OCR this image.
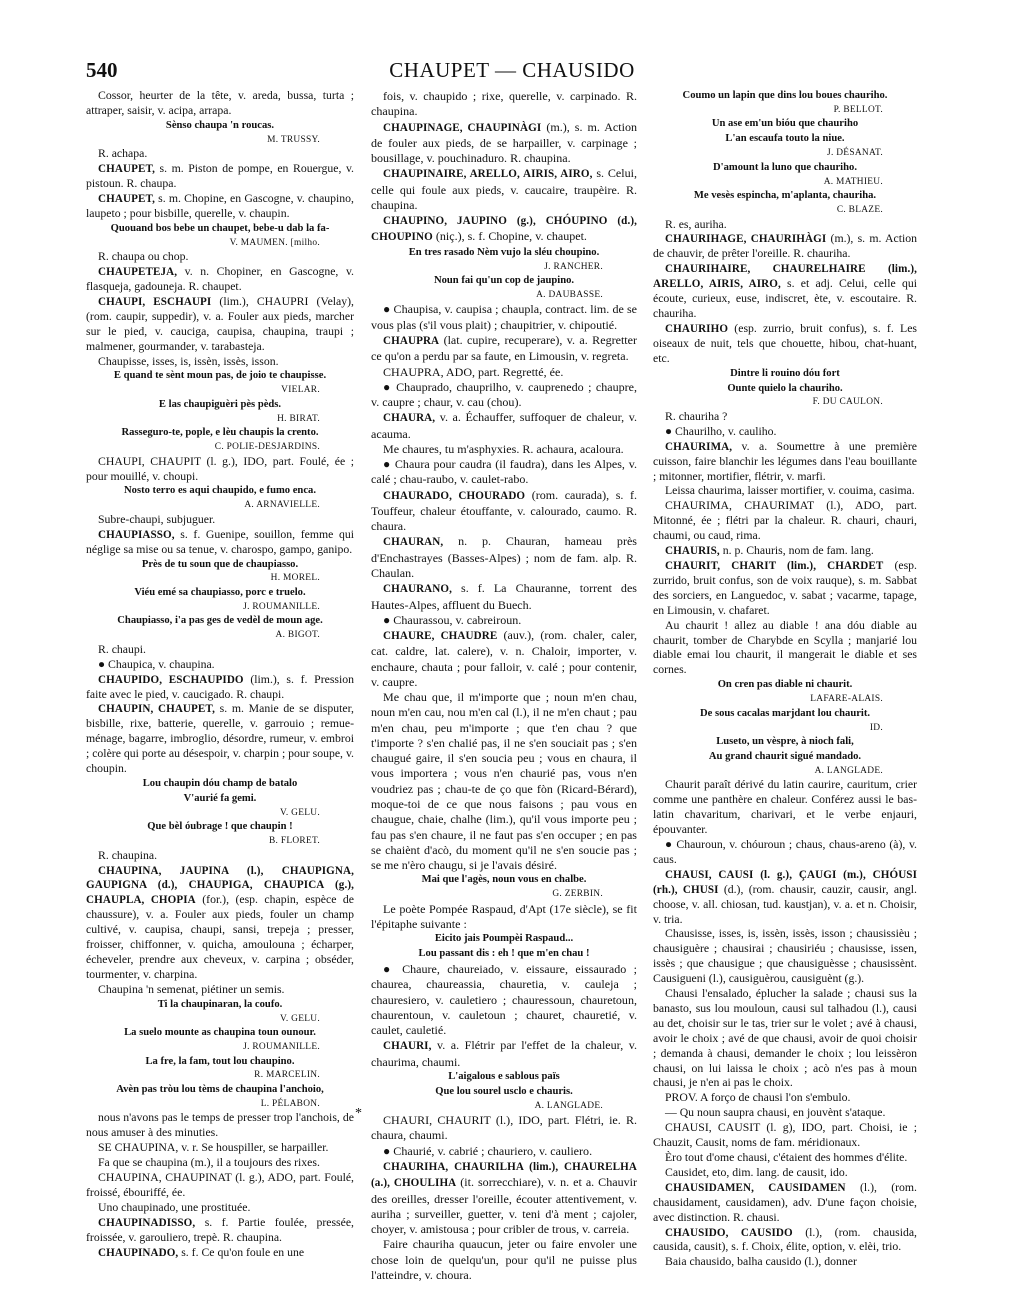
540	CHAUPET — CHAUSIDO

Cossor, heurter de la tête, v. areda, bussa, turta ; attraper, saisir, v. acipa, arrapa.

Sènso chaupa 'n roucas.

M. TRUSSY.

R. achapa.

CHAUPET, s. m. Piston de pompe, en Rouergue, v. pistoun. R. chaupa.

CHAUPET, s. m. Chopine, en Gascogne, v. chaupino, laupeto ; pour bisbille, querelle, v. chaupin.

Quouand bos bebe un chaupet, bebe-u dab la fa-

V. MAUMEN. [milho.

R. chaupa ou chop.

CHAUPETEJA, v. n. Chopiner, en Gascogne, v. flasqueja, gadouneja. R. chaupet.

CHAUPI, ESCHAUPI (lim.), CHAUPRI (Velay), (rom. caupir, suppedir), v. a. Fouler aux pieds, marcher sur le pied, v. cauciga, caupisa, chaupina, traupi ; malmener, gourmander, v. tarabasteja.

Chaupisse, isses, is, issèn, issès, isson.

E quand te sènt moun pas, de joio te chaupisse.

VIELAR.

E las chaupiguèri pès pèds.

H. BIRAT.

Rasseguro-te, pople, e lèu chaupis la crento.

C. POLIE-DESJARDINS.

CHAUPI, CHAUPIT (l. g.), IDO, part. Foulé, ée ; pour mouillé, v. choupi.

Nosto terro es aqui chaupido, e fumo enca.

A. ARNAVIELLE.

Subre-chaupi, subjuguer.

CHAUPIASSO, s. f. Guenipe, souillon, femme qui néglige sa mise ou sa tenue, v. charospo, gampo, ganipo.

Près de tu soun que de chaupiasso.

H. MOREL.

Viéu emé sa chaupiasso, porc e truelo.

J. ROUMANILLE.

Chaupiasso, i'a pas ges de vedèl de moun age.

A. BIGOT.

R. chaupi.

● Chaupica, v. chaupina.

CHAUPIDO, ESCHAUPIDO (lim.), s. f. Pression faite avec le pied, v. caucigado. R. chaupi.

CHAUPIN, CHAUPET, s. m. Manie de se disputer, bisbille, rixe, batterie, querelle, v. garrouio ; remue-ménage, bagarre, imbroglio, désordre, rumeur, v. embroi ; colère qui porte au désespoir, v. charpin ; pour soupe, v. choupin.

Lou chaupin dóu champ de batalo

V'aurié fa gemi.

V. GELU.

Que bèl óubrage ! que chaupin !

B. FLORET.

R. chaupina.

CHAUPINA, JAUPINA (l.), CHAUPIGNA, GAUPIGNA (d.), CHAUPIGA, CHAUPICA (g.), CHAUPLA, CHOPIA (for.), (esp. chapin, espèce de chaussure), v. a. Fouler aux pieds, fouler un champ cultivé, v. caupisa, chaupi, sansi, trepeja ; presser, froisser, chiffonner, v. quicha, amoulouna ; écharper, écheveler, prendre aux cheveux, v. carpina ; obséder, tourmenter, v. charpina.

Chaupina 'n semenat, piétiner un semis.

Ti la chaupinaran, la coufo.

V. GELU.

La suelo mounte as chaupina toun ounour.

J. ROUMANILLE.

La fre, la fam, tout lou chaupino.

R. MARCELIN.

Avèn pas tròu lou tèms de chaupina l'anchoio,

L. PÉLABON.

nous n'avons pas le temps de presser trop l'anchois, de nous amuser à des minuties.

SE CHAUPINA, v. r. Se houspiller, se harpailler.

Fa que se chaupina (m.), il a toujours des rixes.

CHAUPINA, CHAUPINAT (l. g.), ADO, part. Foulé, froissé, ébouriffé, ée.

Uno chaupinado, une prostituée.

CHAUPINADISSO, s. f. Partie foulée, pressée, froissée, v. garouliero, trepè. R. chaupina.

CHAUPINADO, s. f. Ce qu'on foule en une

fois, v. chaupido ; rixe, querelle, v. carpinado. R. chaupina.

CHAUPINAGE, CHAUPINÀGI (m.), s. m. Action de fouler aux pieds, de se harpailler, v. carpinage ; bousillage, v. pouchinaduro. R. chaupina.

CHAUPINAIRE, ARELLO, AIRIS, AIRO, s. Celui, celle qui foule aux pieds, v. caucaire, traupèire. R. chaupina.

CHAUPINO, JAUPINO (g.), CHÓUPINO (d.), CHOUPINO (niç.), s. f. Chopine, v. chaupet.

En tres rasado Nèm vujo la sléu choupino.

J. RANCHER.

Noun fai qu'un cop de jaupino.

A. DAUBASSE.

● Chaupisa, v. caupisa ; chaupla, contract. lim. de se vous plas (s'il vous plait) ; chaupitrier, v. chipoutié.

CHAUPRA (lat. cupire, recuperare), v. a. Regretter ce qu'on a perdu par sa faute, en Limousin, v. regreta.

CHAUPRA, ADO, part. Regretté, ée.

● Chauprado, chauprilho, v. cauprenedo ; chaupre, v. caupre ; chaur, v. cau (chou).

CHAURA, v. a. Échauffer, suffoquer de chaleur, v. acauma.

Me chaures, tu m'asphyxies. R. achaura, acaloura.

● Chaura pour caudra (il faudra), dans les Alpes, v. calé ; chau-raubo, v. caulet-rabo.

CHAURADO, CHOURADO (rom. caurada), s. f. Touffeur, chaleur étouffante, v. calourado, caumo. R. chaura.

CHAURAN, n. p. Chauran, hameau près d'Enchastrayes (Basses-Alpes) ; nom de fam. alp. R. Chaulan.

CHAURANO, s. f. La Chauranne, torrent des Hautes-Alpes, affluent du Buech.

● Chaurassou, v. cabreiroun.

CHAURE, CHAUDRE (auv.), (rom. chaler, caler, cat. caldre, lat. calere), v. n. Chaloir, importer, v. enchaure, chauta ; pour falloir, v. calé ; pour contenir, v. caupre.

Me chau que, il m'importe que ; noun m'en chau, noun m'en cau, nou m'en cal (l.), il ne m'en chaut ; pau m'en chau, peu m'importe ; que t'en chau ? que t'importe ? s'en chalié pas, il ne s'en souciait pas ; s'en chaugué gaire, il s'en soucia peu ; vous en chaura, il vous importera ; vous n'en chaurié pas, vous n'en voudriez pas ; chau-te de ço que fòn (Ricard-Bérard), moque-toi de ce que nous faisons ; pau vous en chaugue, chaie, chalhe (lim.), qu'il vous importe peu ; fau pas s'en chaure, il ne faut pas s'en occuper ; en pas se chaiènt d'acò, du moment qu'il ne s'en soucie pas ; se me n'èro chaugu, si je l'avais désiré.

Mai que l'agès, noun vous en chalbe.

G. ZERBIN.

Le poète Pompée Raspaud, d'Apt (17e siècle), se fit l'épitaphe suivante :

Eicito jais Poumpèi Raspaud...

Lou passant dis : eh ! que m'en chau !

● Chaure, chaureiado, v. eissaure, eissaurado ; chaurea, chaureassia, chauretia, v. cauleja ; chauresiero, v. cauletiero ; chauressoun, chauretoun, chaurentoun, v. cauletoun ; chauret, chauretié, v. caulet, cauletié.

CHAURI, v. a. Flétrir par l'effet de la chaleur, v. chaurima, chaumi.

L'aigalous e sablous païs

Que lou sourel usclo e chauris.

A. LANGLADE.

CHAURI, CHAURIT (l.), IDO, part. Flétri, ie. R. chaura, chaumi.

● Chaurié, v. cabrié ; chauriero, v. cauliero.

CHAURIHA, CHAURILHA (lim.), CHAURELHA (a.), CHOULIHA (it. sorrecchiare), v. n. et a. Chauvir des oreilles, dresser l'oreille, écouter attentivement, v. auriha ; surveiller, guetter, v. teni d'à ment ; cajoler, choyer, v. amistousa ; pour cribler de trous, v. carreia.

Faire chauriha quaucun, jeter ou faire envoler une chose loin de quelqu'un, pour qu'il ne puisse plus l'atteindre, v. choura.

Coumo un lapin que dins lou boues chauriho.

P. BELLOT.

Un ase em'un bióu que chauriho

L'an escaufa touto la niue.

J. DÉSANAT.

D'amount la luno que chauriho.

A. MATHIEU.

Me vesès espincha, m'aplanta, chauriha.

C. BLAZE.

R. es, auriha.

CHAURIHAGE, CHAURIHÀGI (m.), s. m. Action de chauvir, de prêter l'oreille. R. chauriha.

CHAURIHAIRE, CHAURELHAIRE (lim.), ARELLO, AIRIS, AIRO, s. et adj. Celui, celle qui écoute, curieux, euse, indiscret, ète, v. escoutaire. R. chauriha.

CHAURIHO (esp. zurrio, bruit confus), s. f. Les oiseaux de nuit, tels que chouette, hibou, chat-huant, etc.

Dintre li rouino dóu fort

Ounte quielo la chauriho.

F. DU CAULON.

R. chauriha ?

● Chaurilho, v. cauliho.

CHAURIMA, v. a. Soumettre à une première cuisson, faire blanchir les légumes dans l'eau bouillante ; mitonner, mortifier, flétrir, v. marfi.

Leissa chaurima, laisser mortifier, v. couima, casima.

CHAURIMA, CHAURIMAT (l.), ADO, part. Mitonné, ée ; flétri par la chaleur. R. chauri, chauri, chaumi, ou caud, rima.

CHAURIS, n. p. Chauris, nom de fam. lang.

CHAURIT, CHARIT (lim.), CHARDET (esp. zurrido, bruit confus, son de voix rauque), s. m. Sabbat des sorciers, en Languedoc, v. sabat ; vacarme, tapage, en Limousin, v. chafaret.

Au chaurit ! allez au diable ! ana dóu diable au chaurit, tomber de Charybde en Scylla ; manjarié lou diable emai lou chaurit, il mangerait le diable et ses cornes.

On cren pas diable ni chaurit.

LAFARE-ALAIS.

De sous cacalas marjdant lou chaurit.

ID.

Luseto, un vèspre, à nioch fali,

Au grand chaurit sigué mandado.

A. LANGLADE.

Chaurit paraît dérivé du latin caurire, cauritum, crier comme une panthère en chaleur. Conférez aussi le bas-latin chavaritum, charivari, et le verbe enjauri, épouvanter.

● Chauroun, v. chóuroun ; chaus, chaus-areno (à), v. caus.

CHAUSI, CAUSI (l. g.), ÇAUGI (m.), CHÓUSI (rh.), CHUSI (d.), (rom. chausir, cauzir, causir, angl. choose, v. all. chiosan, tud. kaustjan), v. a. et n. Choisir, v. tria.

Chausisse, isses, is, issèn, issès, isson ; chausissièu ; chausiguère ; chausirai ; chausiriéu ; chausisse, issen, issès ; que chausigue ; que chausiguèsse ; chausissènt. Causigueni (l.), causiguèrou, causiguènt (g.).

Chausi l'ensalado, éplucher la salade ; chausi sus la banasto, sus lou mouloun, causi sul talhadou (l.), causi au det, choisir sur le tas, trier sur le volet ; avé à chausi, avoir le choix ; avé de que chausi, avoir de quoi choisir ; demanda à chausi, demander le choix ; lou leissèron chausi, on lui laissa le choix ; acò n'es pas à moun chausi, je n'en ai pas le choix.

PROV. A forço de chausi l'on s'embulo.

— Qu noun saupra chausi, en jouvènt s'ataque.

CHAUSI, CAUSIT (l. g), IDO, part. Choisi, ie ; Chauzit, Causit, noms de fam. méridionaux.

Èro tout d'ome chausi, c'étaient des hommes d'élite.

Causidet, eto, dim. lang. de causit, ido.

CHAUSIDAMEN, CAUSIDAMEN (l.), (rom. chausidament, causidamen), adv. D'une façon choisie, avec distinction. R. chausi.

CHAUSIDO, CAUSIDO (l.), (rom. chausida, causida, causit), s. f. Choix, élite, option, v. elèi, trio.

Baia chausido, balha causido (l.), donner

*
